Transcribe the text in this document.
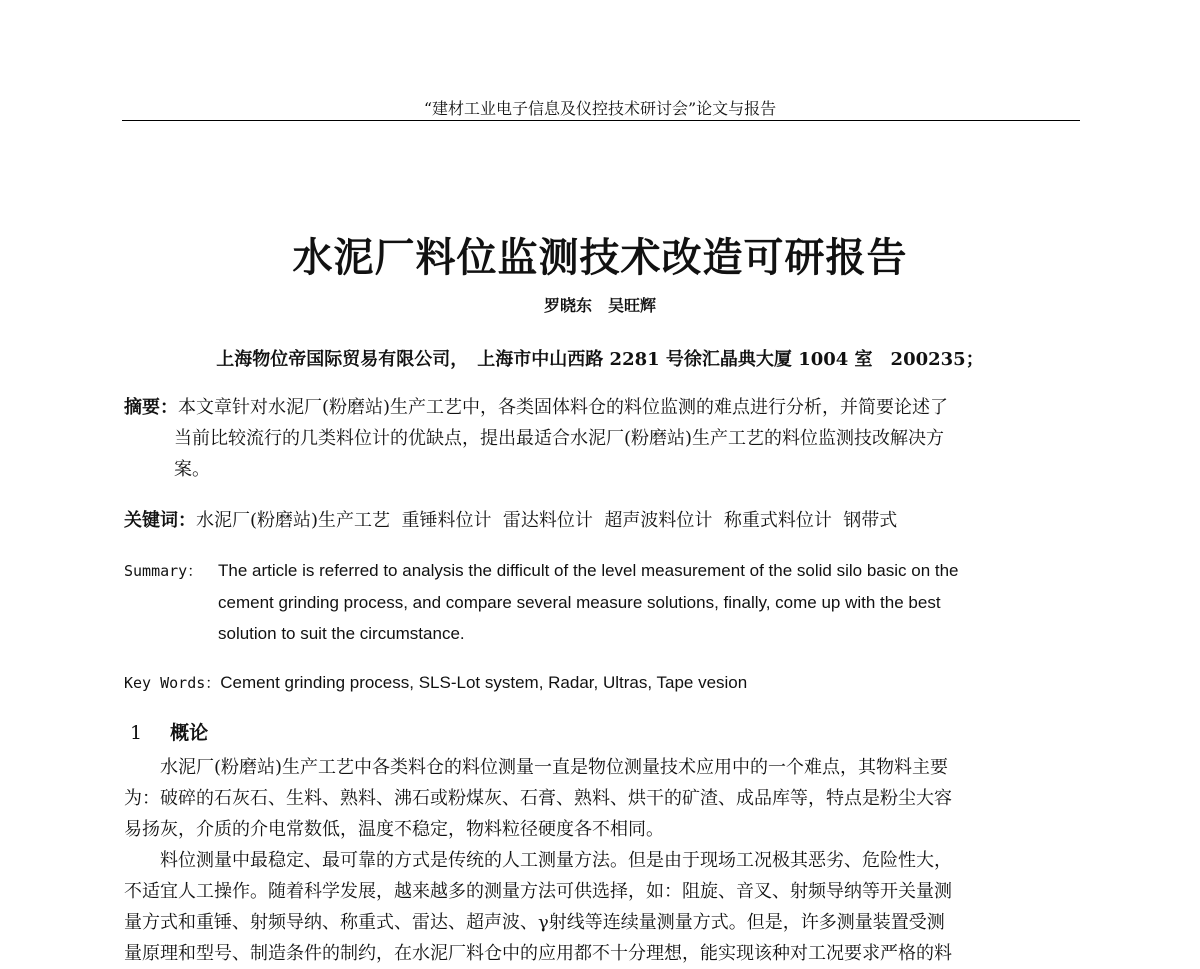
“建材工业电子信息及仪控技术研讨会”论文与报告
水泥厂料位监测技术改造可研报告
罗晓东　吴旺辉
上海物位帝国际贸易有限公司，　上海市中山西路 2281 号徐汇晶典大厦 1004 室　200235；
摘要：本文章针对水泥厂(粉磨站)生产工艺中，各类固体料仓的料位监测的难点进行分析，并简要论述了
当前比较流行的几类料位计的优缺点，提出最适合水泥厂(粉磨站)生产工艺的料位监测技改解决方
案。
关键词：水泥厂(粉磨站)生产工艺  重锤料位计  雷达料位计  超声波料位计  称重式料位计  钢带式
Summary： The article is referred to analysis the difficult of the level measurement of the solid silo basic on the
cement grinding process, and compare several measure solutions, finally, come up with the best
solution to suit the circumstance.
Key Words：Cement grinding process, SLS-Lot system, Radar, Ultras, Tape vesion
1 概论
　　水泥厂(粉磨站)生产工艺中各类料仓的料位测量一直是物位测量技术应用中的一个难点，其物料主要
为：破碎的石灰石、生料、熟料、沸石或粉煤灰、石膏、熟料、烘干的矿渣、成品库等，特点是粉尘大容
易扬灰，介质的介电常数低，温度不稳定，物料粒径硬度各不相同。
　　料位测量中最稳定、最可靠的方式是传统的人工测量方法。但是由于现场工况极其恶劣、危险性大，
不适宜人工操作。随着科学发展，越来越多的测量方法可供选择，如：阻旋、音叉、射频导纳等开关量测
量方式和重锤、射频导纳、称重式、雷达、超声波、γ射线等连续量测量方式。但是，许多测量装置受测
量原理和型号、制造条件的制约，在水泥厂料仓中的应用都不十分理想，能实现该种对工况要求严格的料
